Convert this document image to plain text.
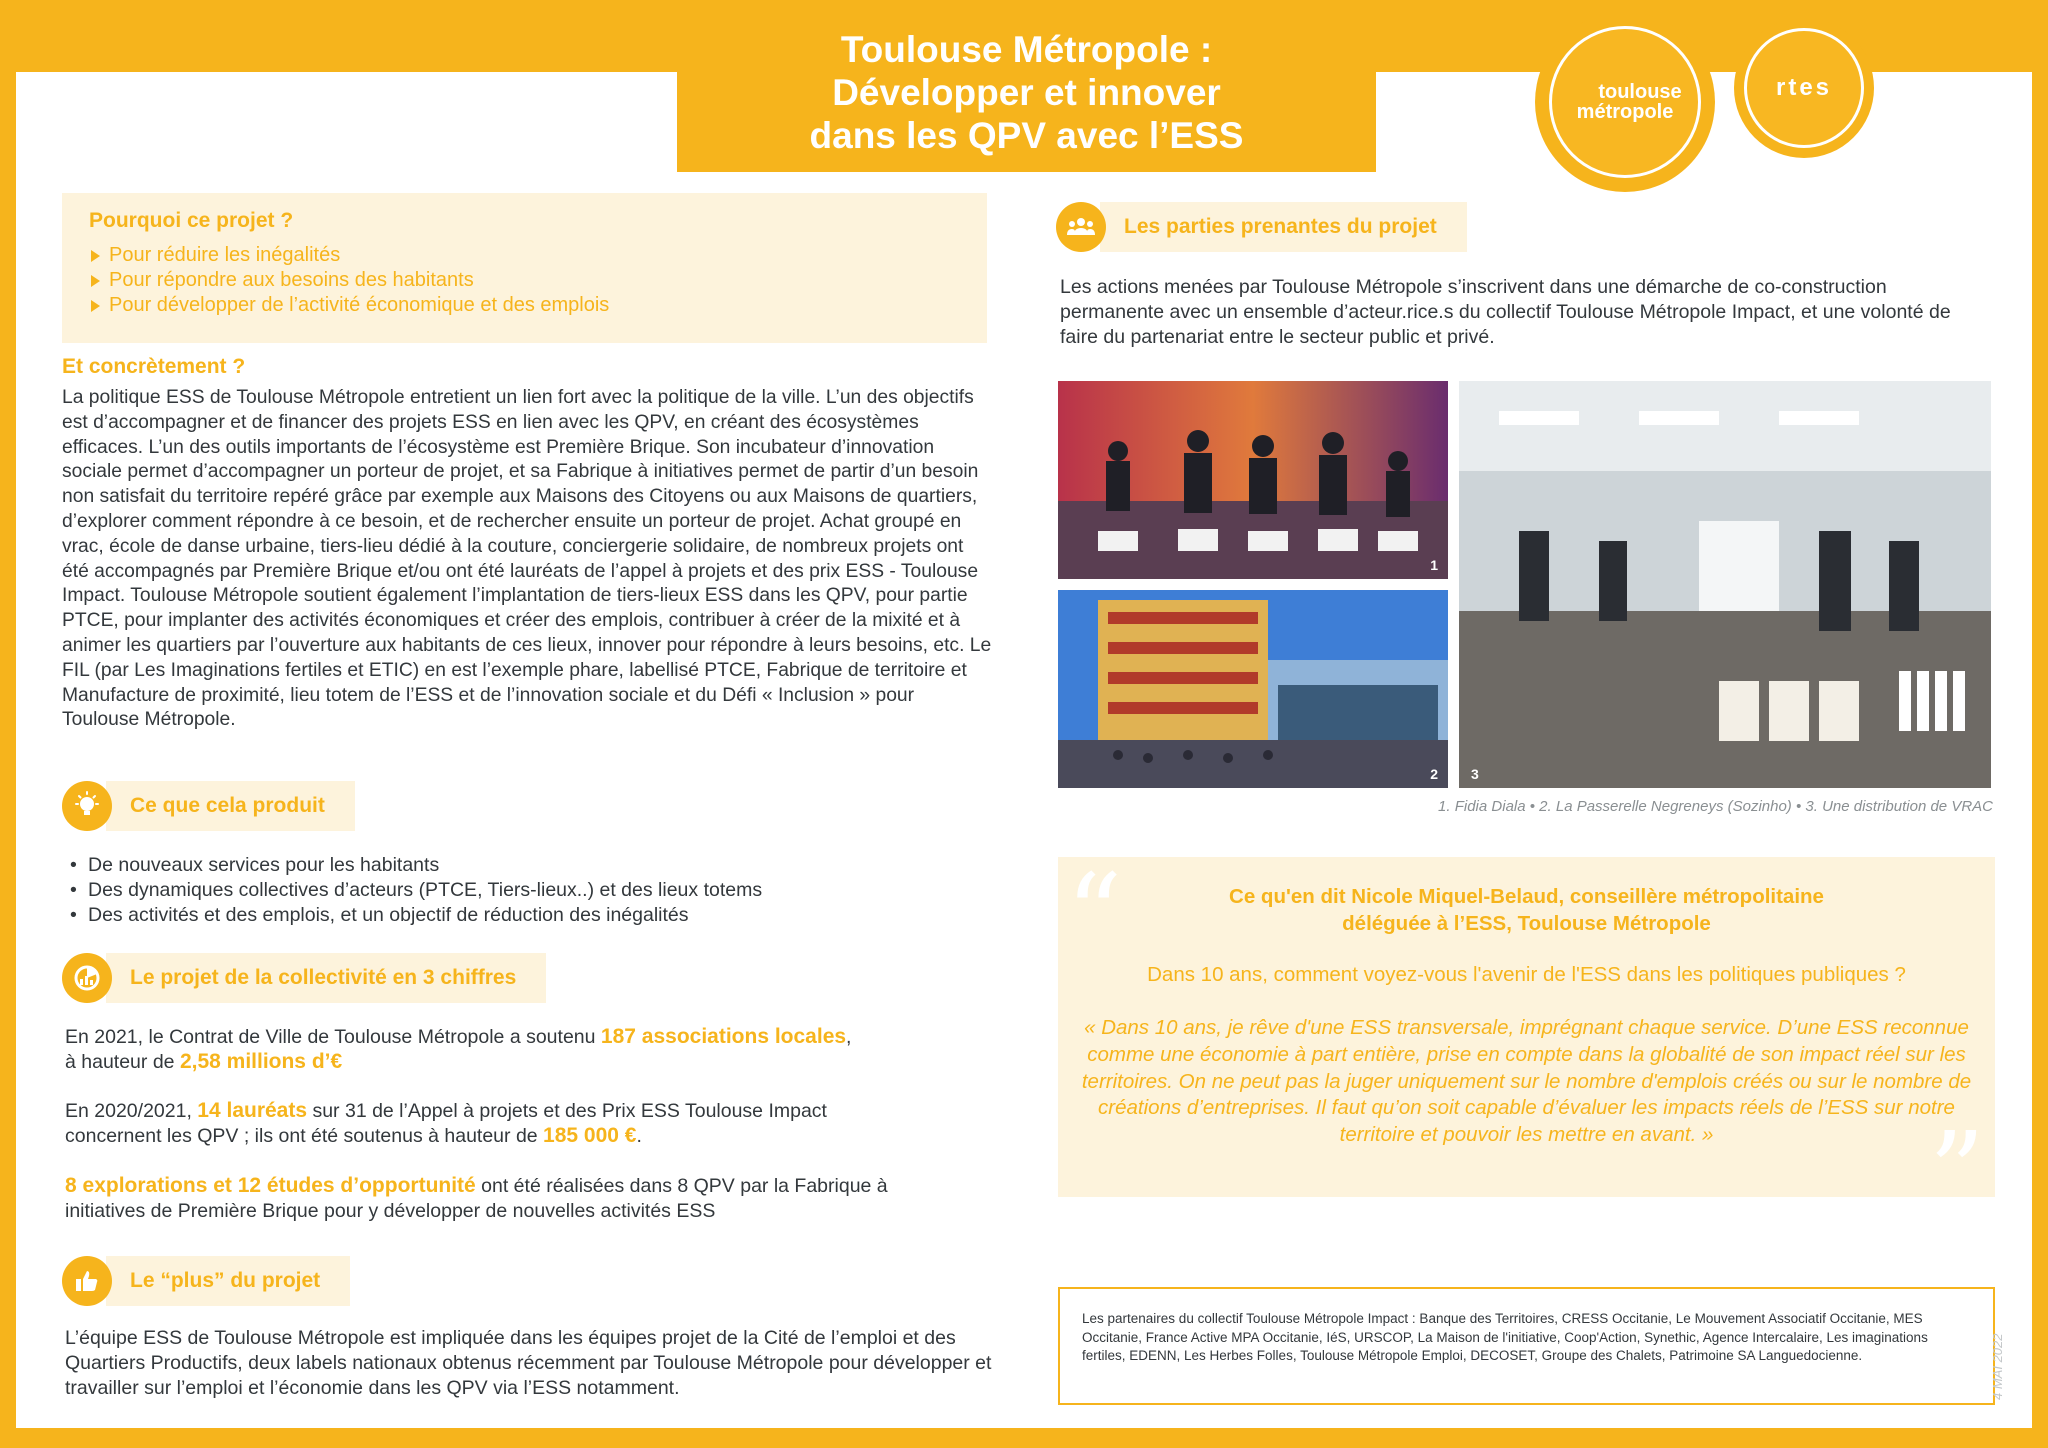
Toulouse Métropole :
Développer et innover
dans les QPV avec l’ESS
toulouse
métropole
rtes
Pourquoi ce projet ?
Pour réduire les inégalités
Pour répondre aux besoins des habitants
Pour développer de l’activité économique et des emplois
Et concrètement ?
La politique ESS de Toulouse Métropole entretient un lien fort avec la politique de la ville. L’un des objectifs est d’accompagner et de financer des projets ESS en lien avec les QPV, en créant des écosystèmes efficaces. L’un des outils importants de l’écosystème est Première Brique. Son incubateur d’innovation sociale permet d’accompagner un porteur de projet, et sa Fabrique à initiatives permet de partir d’un besoin non satisfait du territoire repéré grâce par exemple aux Maisons des Citoyens ou aux Maisons de quartiers, d’explorer comment répondre à ce besoin, et de rechercher ensuite un porteur de projet. Achat groupé en vrac, école de danse urbaine, tiers-lieu dédié à la couture, conciergerie solidaire, de nombreux projets ont été accompagnés par Première Brique et/ou ont été lauréats de l’appel à projets et des prix ESS - Toulouse Impact. Toulouse Métropole soutient également l’implantation de tiers-lieux ESS dans les QPV, pour partie PTCE, pour implanter des activités économiques et créer des emplois, contribuer à créer de la mixité et à animer les quartiers par l’ouverture aux habitants de ces lieux, innover pour répondre à leurs besoins, etc. Le FIL (par Les Imaginations fertiles et ETIC) en est l’exemple phare, labellisé PTCE, Fabrique de territoire et Manufacture de proximité, lieu totem de l’ESS et de l’innovation sociale et du Défi « Inclusion » pour Toulouse Métropole.
Ce que cela produit
• De nouveaux services pour les habitants
• Des dynamiques collectives d’acteurs (PTCE, Tiers-lieux..) et des lieux totems
• Des activités et des emplois, et un objectif de réduction des inégalités
Le projet de la collectivité en 3 chiffres
En 2021, le Contrat de Ville de Toulouse Métropole a soutenu 187 associations locales,
à hauteur de 2,58 millions d’€
En 2020/2021, 14 lauréats sur 31 de l’Appel à projets et des Prix ESS Toulouse Impact
concernent les QPV ; ils ont été soutenus à hauteur de 185 000 €.
8 explorations et 12 études d’opportunité ont été réalisées dans 8 QPV par la Fabrique à
initiatives de Première Brique pour y développer de nouvelles activités ESS
Le “plus” du projet
L’équipe ESS de Toulouse Métropole est impliquée dans les équipes projet de la Cité de l’emploi et des Quartiers Productifs, deux labels nationaux obtenus récemment par Toulouse Métropole pour développer et travailler sur l’emploi et l’économie dans les QPV via l’ESS notamment.
Les parties prenantes du projet
Les actions menées par Toulouse Métropole s’inscrivent dans une démarche de co-construction permanente avec un ensemble d’acteur.rice.s du collectif Toulouse Métropole Impact, et une volonté de faire du partenariat entre le secteur public et privé.
1
2 3
1. Fidia Diala • 2. La Passerelle Negreneys (Sozinho) • 3. Une distribution de VRAC
“
”
Ce qu'en dit Nicole Miquel-Belaud, conseillère métropolitaine
déléguée à l’ESS, Toulouse Métropole
Dans 10 ans, comment voyez-vous l'avenir de l'ESS dans les politiques publiques ?
« Dans 10 ans, je rêve d'une ESS transversale, imprégnant chaque service. D’une ESS reconnue comme une économie à part entière, prise en compte dans la globalité de son impact réel sur les territoires. On ne peut pas la juger uniquement sur le nombre d'emplois créés ou sur le nombre de créations d’entreprises. Il faut qu’on soit capable d’évaluer les impacts réels de l’ESS sur notre territoire et pouvoir les mettre en avant. »
Les partenaires du collectif Toulouse Métropole Impact : Banque des Territoires, CRESS Occitanie, Le Mouvement Associatif Occitanie, MES Occitanie, France Active MPA Occitanie, IéS, URSCOP, La Maison de l'initiative, Coop'Action, Synethic, Agence Intercalaire, Les imaginations fertiles, EDENN, Les Herbes Folles, Toulouse Métropole Emploi, DECOSET, Groupe des Chalets, Patrimoine SA Languedocienne.	4 MAI 2022
